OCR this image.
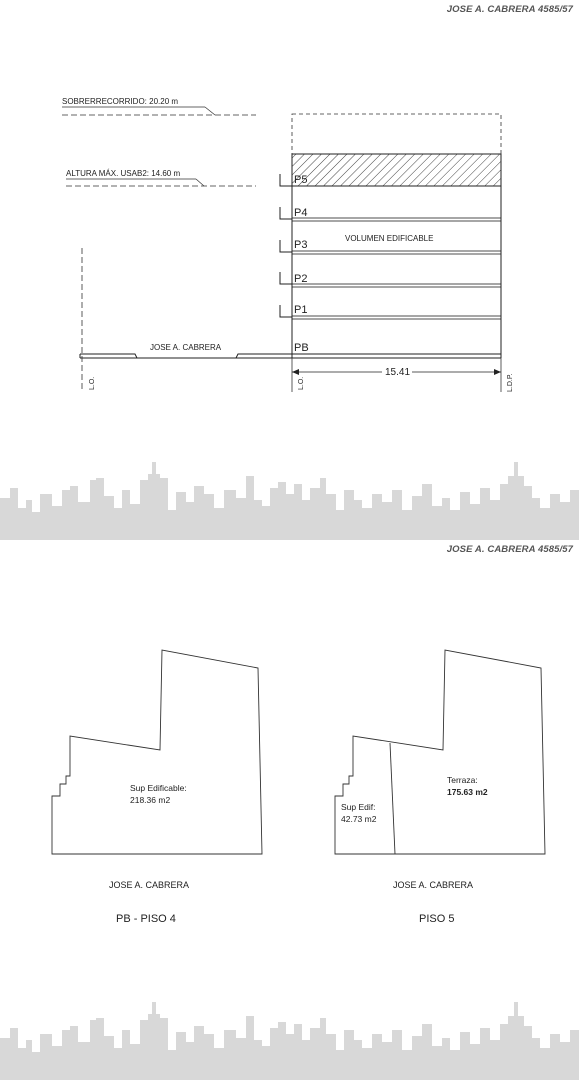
JOSE A. CABRERA 4585/57
SOBRERRECORRIDO: 20.20 m
ALTURA MÁX. USAB2: 14.60 m
P5
P4
P3
P2
P1
PB
VOLUMEN EDIFICABLE
JOSE A. CABRERA
L.O.	L.O.	L.D.P.
15.41
JOSE A. CABRERA 4585/57
Sup Edificable:
218.36 m2
JOSE A. CABRERA
PB - PISO 4
Sup Edif:
42.73 m2
Terraza:
175.63 m2
JOSE A. CABRERA
PISO 5
